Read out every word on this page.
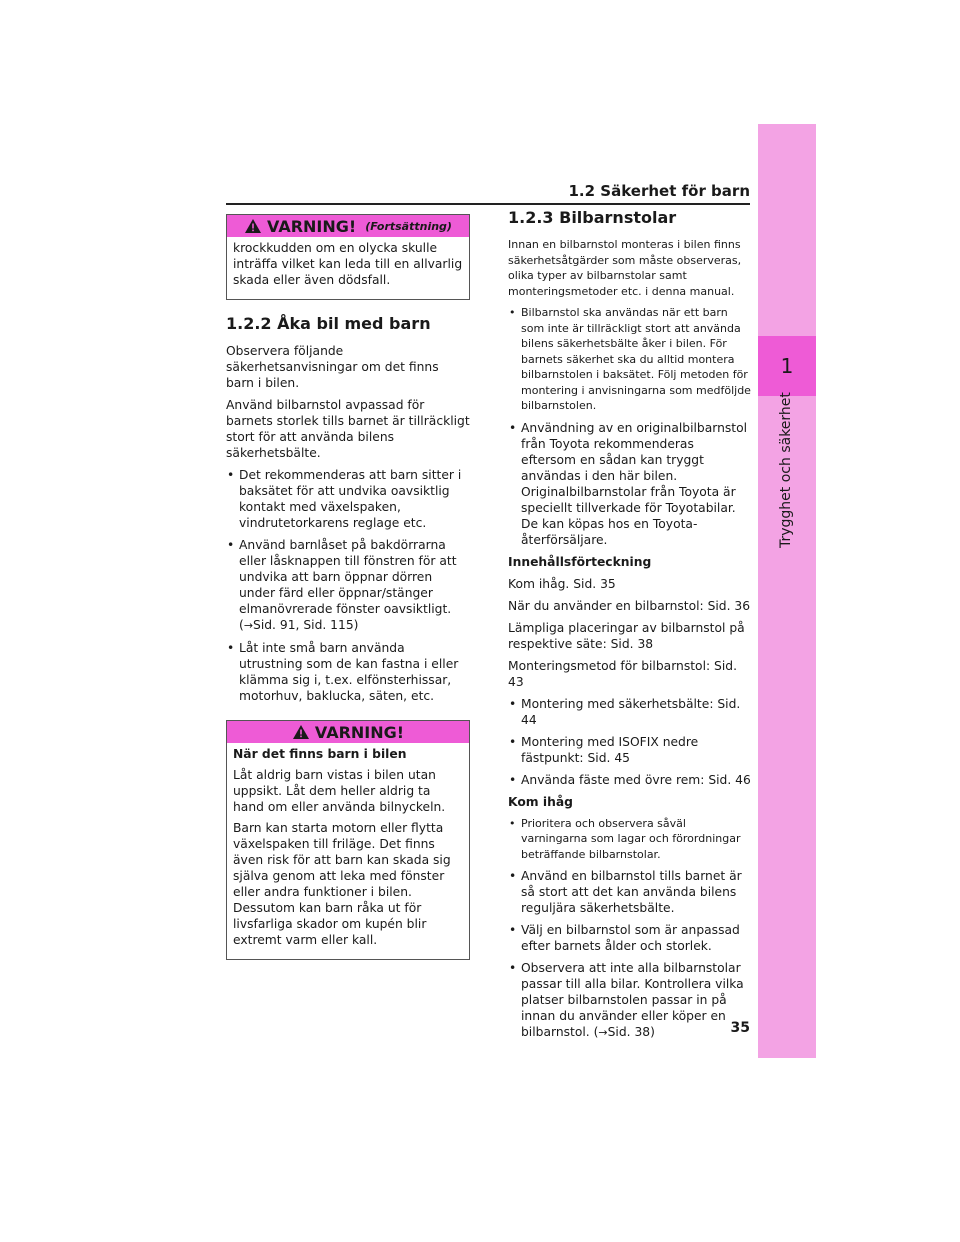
1
Trygghet och säkerhet
1.2 Säkerhet för barn
VARNING! (Fortsättning)

krockkudden om en olycka skulle inträffa vilket kan leda till en allvarlig skada eller även dödsfall.

1.2.2 Åka bil med barn

Observera följande säkerhetsanvisningar om det finns barn i bilen.

Använd bilbarnstol avpassad för barnets storlek tills barnet är tillräckligt stort för att använda bilens säkerhetsbälte.

• Det rekommenderas att barn sitter i baksätet för att undvika oavsiktlig kontakt med växelspaken, vindrutetorkarens reglage etc.
• Använd barnlåset på bakdörrarna eller låsknappen till fönstren för att undvika att barn öppnar dörren under färd eller öppnar/stänger elmanövrerade fönster oavsiktligt.
(→Sid. 91, Sid. 115)
• Låt inte små barn använda utrustning som de kan fastna i eller klämma sig i, t.ex. elfönsterhissar, motorhuv, baklucka, säten, etc.
VARNING!

När det finns barn i bilen

Låt aldrig barn vistas i bilen utan uppsikt. Låt dem heller aldrig ta hand om eller använda bilnyckeln.

Barn kan starta motorn eller flytta växelspaken till friläge. Det finns även risk för att barn kan skada sig själva genom att leka med fönster eller andra funktioner i bilen. Dessutom kan barn råka ut för livsfarliga skador om kupén blir extremt varm eller kall.

1.2.3 Bilbarnstolar

Innan en bilbarnstol monteras i bilen finns säkerhetsåtgärder som måste observeras, olika typer av bilbarnstolar samt monteringsmetoder etc. i denna manual.

• Bilbarnstol ska användas när ett barn som inte är tillräckligt stort att använda bilens säkerhetsbälte åker i bilen. För barnets säkerhet ska du alltid montera bilbarnstolen i baksätet. Följ metoden för montering i anvisningarna som medföljde bilbarnstolen.
• Användning av en originalbilbarnstol från Toyota rekommenderas eftersom en sådan kan tryggt användas i den här bilen. Originalbilbarnstolar från Toyota är speciellt tillverkade för Toyotabilar. De kan köpas hos en Toyota-återförsäljare.

Innehållsförteckning

Kom ihåg. Sid. 35

När du använder en bilbarnstol: Sid. 36

Lämpliga placeringar av bilbarnstol på respektive säte: Sid. 38

Monteringsmetod för bilbarnstol: Sid. 43

• Montering med säkerhetsbälte: Sid. 44
• Montering med ISOFIX nedre fästpunkt: Sid. 45
• Använda fäste med övre rem: Sid. 46

Kom ihåg

• Prioritera och observera såväl varningarna som lagar och förordningar beträffande bilbarnstolar.
• Använd en bilbarnstol tills barnet är så stort att det kan använda bilens reguljära säkerhetsbälte.
• Välj en bilbarnstol som är anpassad efter barnets ålder och storlek.
• Observera att inte alla bilbarnstolar passar till alla bilar. Kontrollera vilka platser bilbarnstolen passar in på innan du använder eller köper en bilbarnstol. (→Sid. 38)	35
